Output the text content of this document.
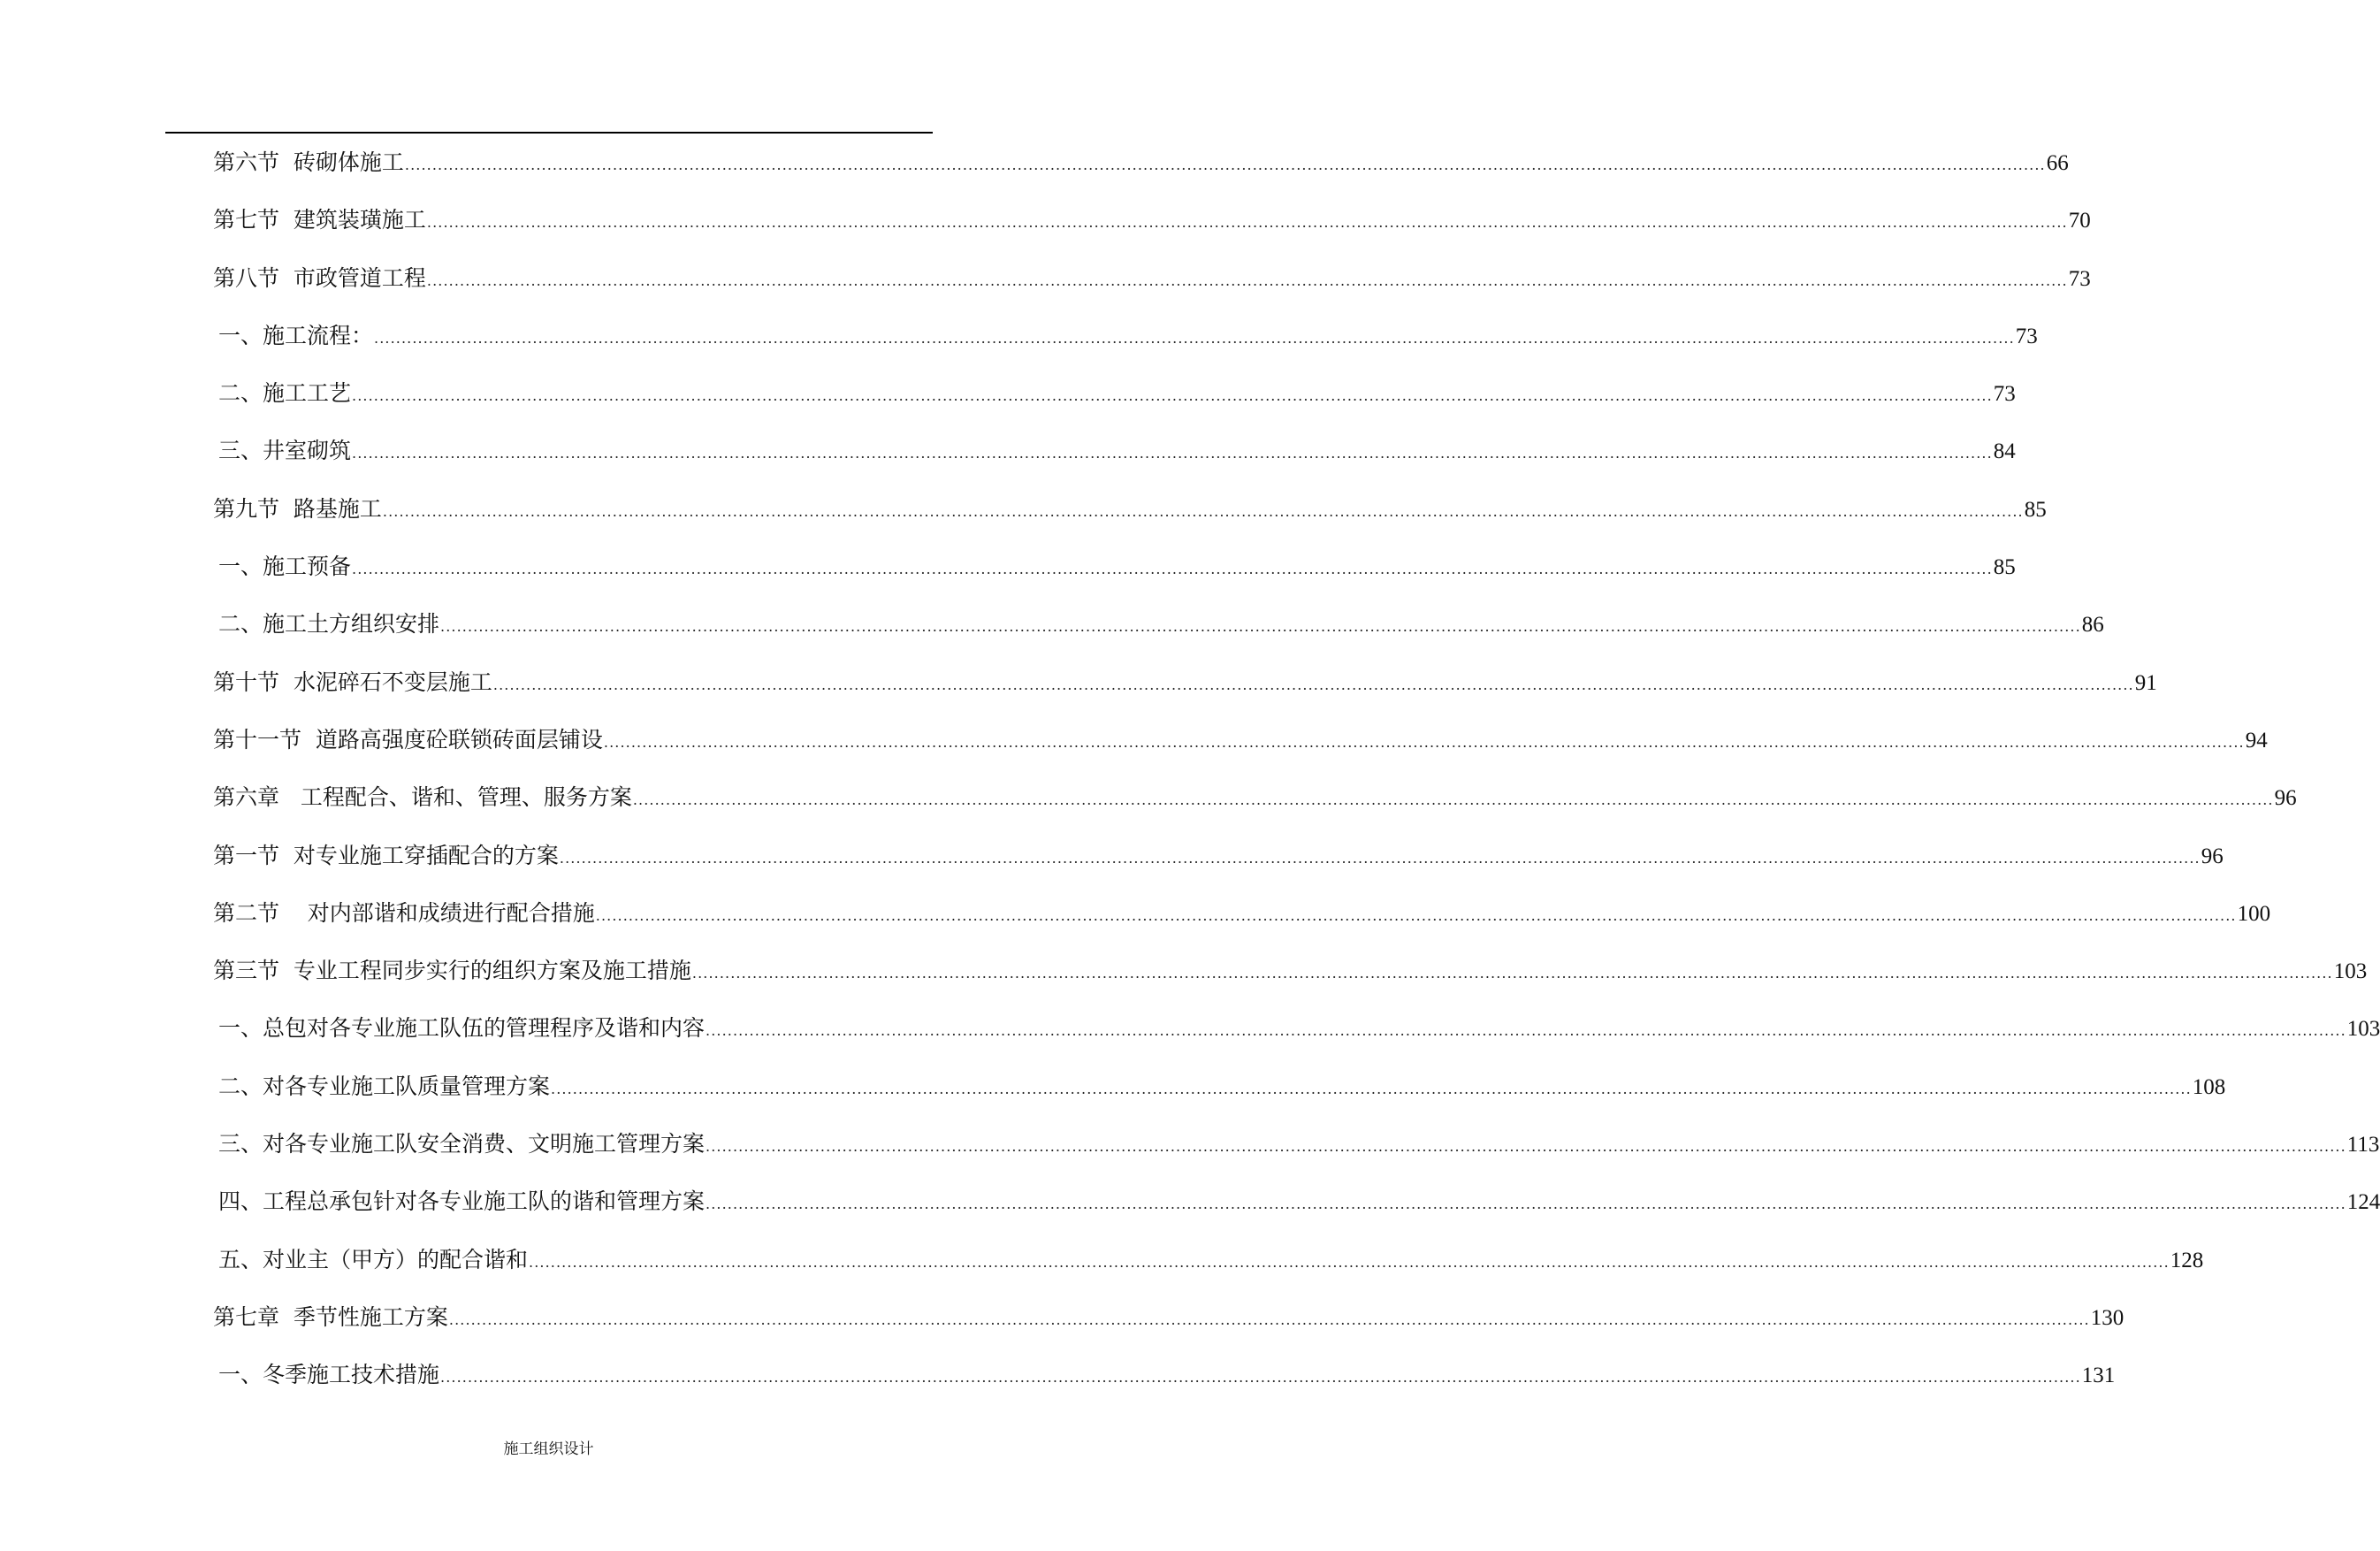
第六节  砖砌体施工 ............................................................................................................................................................................................................................................................................................................ 66
第七节  建筑装璜施工 ............................................................................................................................................................................................................................................................................................................ 70
第八节  市政管道工程 ............................................................................................................................................................................................................................................................................................................ 73
一、施工流程： ............................................................................................................................................................................................................................................................................................................ 73
二、施工工艺 ............................................................................................................................................................................................................................................................................................................ 73
三、井室砌筑 ............................................................................................................................................................................................................................................................................................................ 84
第九节  路基施工 ............................................................................................................................................................................................................................................................................................................ 85
一、施工预备 ............................................................................................................................................................................................................................................................................................................ 85
二、施工土方组织安排 ............................................................................................................................................................................................................................................................................................................ 86
第十节  水泥碎石不变层施工 ............................................................................................................................................................................................................................................................................................................ 91
第十一节  道路高强度砼联锁砖面层铺设 ............................................................................................................................................................................................................................................................................................................ 94
第六章   工程配合、谐和、管理、服务方案 ............................................................................................................................................................................................................................................................................................................ 96
第一节  对专业施工穿插配合的方案 ............................................................................................................................................................................................................................................................................................................ 96
第二节    对内部谐和成绩进行配合措施 ............................................................................................................................................................................................................................................................................................................ 100
第三节  专业工程同步实行的组织方案及施工措施 ............................................................................................................................................................................................................................................................................................................ 103
一、总包对各专业施工队伍的管理程序及谐和内容 ............................................................................................................................................................................................................................................................................................................ 103
二、对各专业施工队质量管理方案 ............................................................................................................................................................................................................................................................................................................ 108
三、对各专业施工队安全消费、文明施工管理方案 ............................................................................................................................................................................................................................................................................................................ 113
四、工程总承包针对各专业施工队的谐和管理方案 ............................................................................................................................................................................................................................................................................................................ 124
五、对业主（甲方）的配合谐和 ............................................................................................................................................................................................................................................................................................................ 128
第七章  季节性施工方案 ............................................................................................................................................................................................................................................................................................................ 130
一、冬季施工技术措施 ............................................................................................................................................................................................................................................................................................................ 131
施工组织设计
